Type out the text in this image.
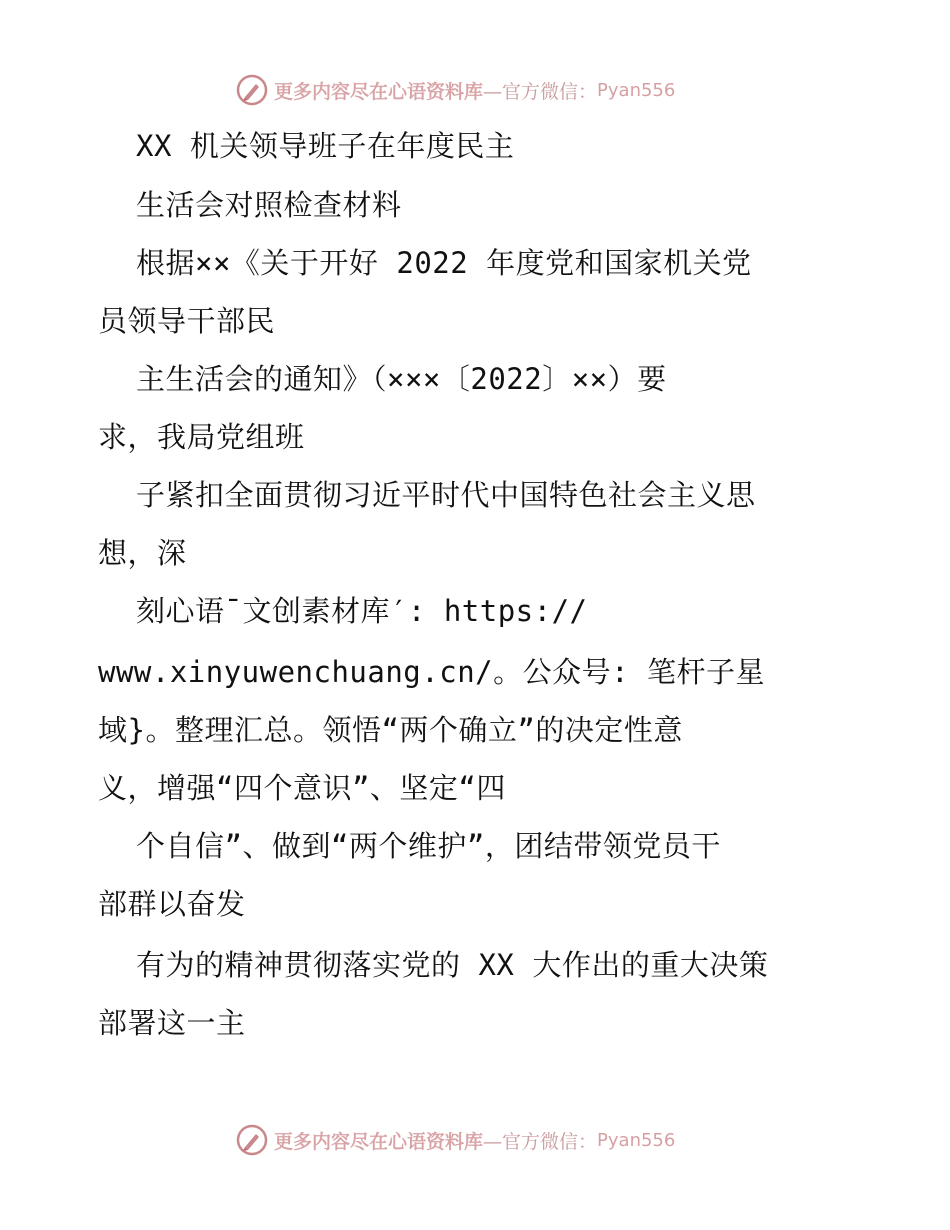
更多内容尽在心语资料库 —官方微信： Pyan556
XX 机关领导班子在年度民主
生活会对照检查材料
根据××《关于开好 2022 年度党和国家机关党
员领导干部民
主生活会的通知》（×××〔2022〕××）要
求，我局党组班
子紧扣全面贯彻习近平时代中国特色社会主义思
想，深
刻心语¯文创素材库′: https://
www.xinyuwenchuang.cn/。公众号: 笔杆子星
域}。整理汇总。领悟“两个确立”的决定性意
义，增强“四个意识”、坚定“四
个自信”、做到“两个维护”，团结带领党员干
部群以奋发
有为的精神贯彻落实党的 XX 大作出的重大决策
部署这一主
更多内容尽在心语资料库 —官方微信： Pyan556
